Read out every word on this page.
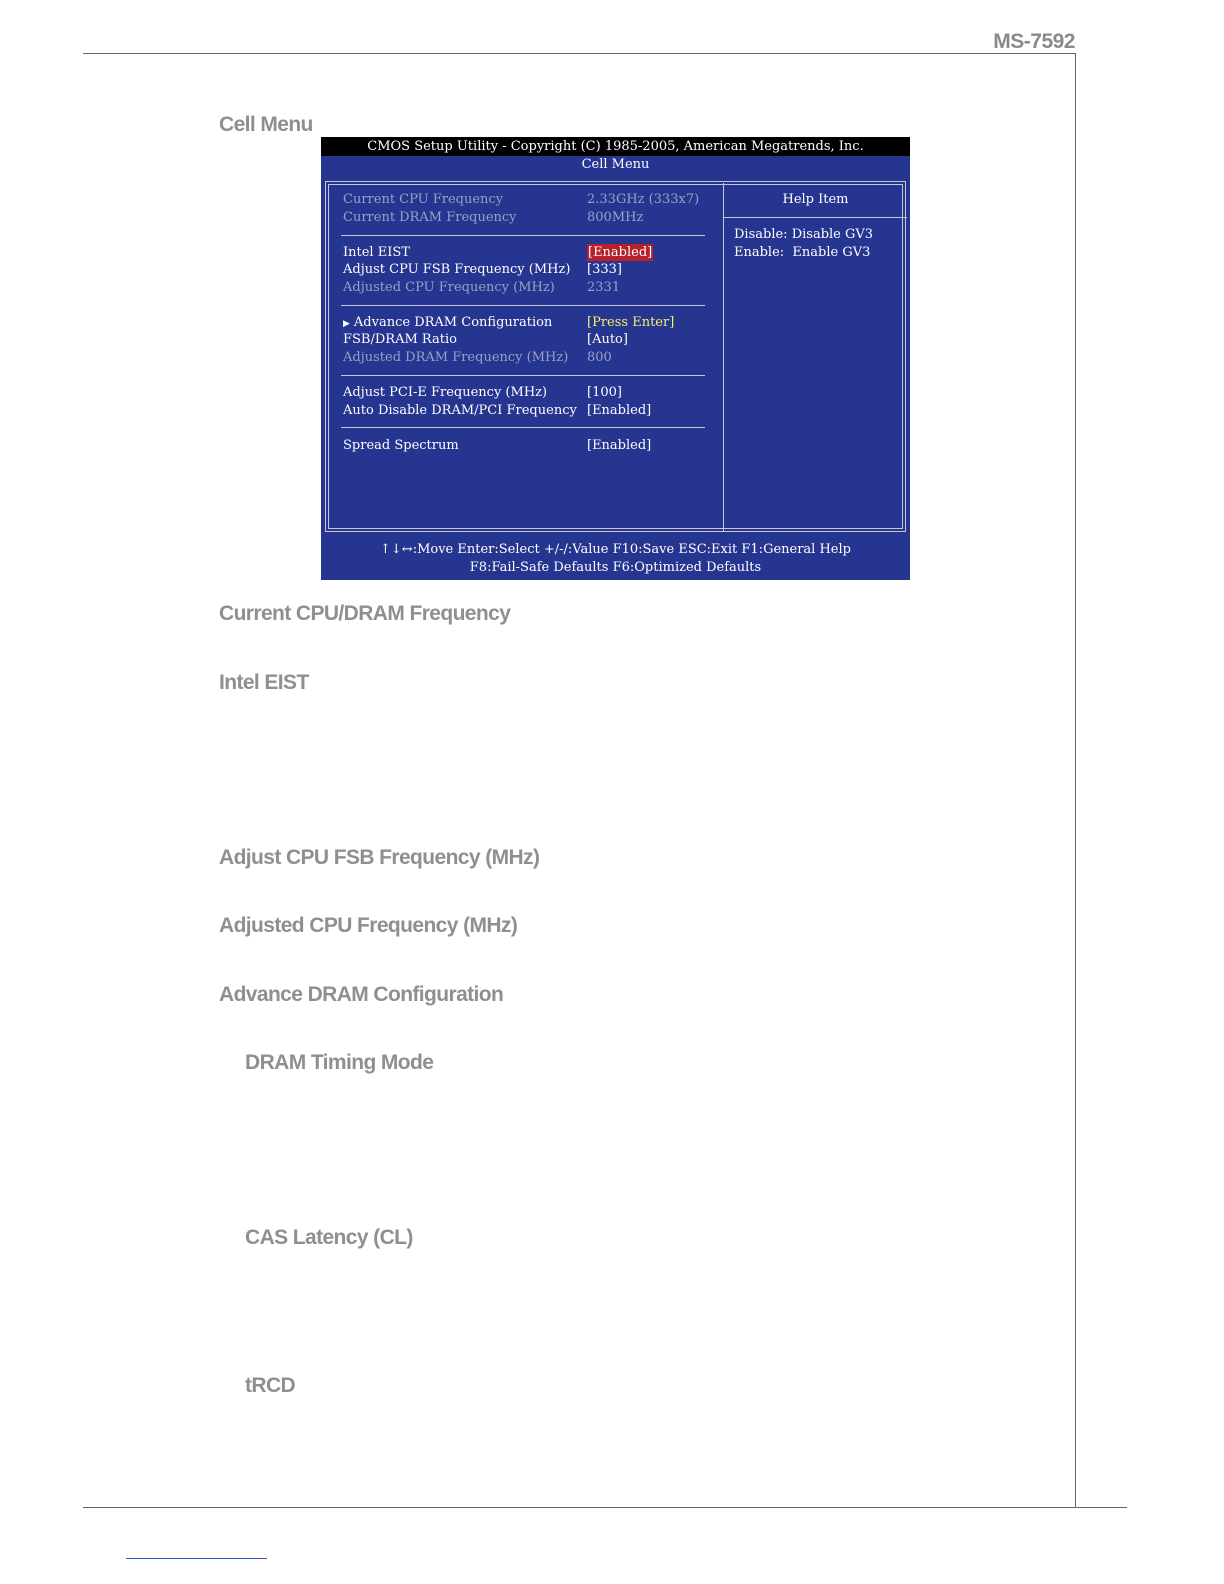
MS-7592
Cell Menu
CMOS Setup Utility - Copyright (C) 1985-2005, American Megatrends, Inc.
Cell Menu
Current CPU Frequency	2.33GHz (333x7)
Current DRAM Frequency	800MHz
Intel EIST	[Enabled]
Adjust CPU FSB Frequency (MHz) [333]
Adjusted CPU Frequency (MHz) 2331
▶ Advance DRAM Configuration	[Press Enter]
FSB/DRAM Ratio	[Auto]
Adjusted DRAM Frequency (MHz) 800
Adjust PCI-E Frequency (MHz)	[100]
Auto Disable DRAM/PCI Frequency [Enabled]
Spread Spectrum	[Enabled]
Help Item
Disable: Disable GV3
Enable:  Enable GV3
↑↓↔:Move Enter:Select +/-/:Value F10:Save ESC:Exit F1:General Help
F8:Fail-Safe Defaults F6:Optimized Defaults
Current CPU/DRAM Frequency
Intel EIST
Adjust CPU FSB Frequency (MHz)
Adjusted CPU Frequency (MHz)
Advance DRAM Configuration
DRAM Timing Mode
CAS Latency (CL)
tRCD
